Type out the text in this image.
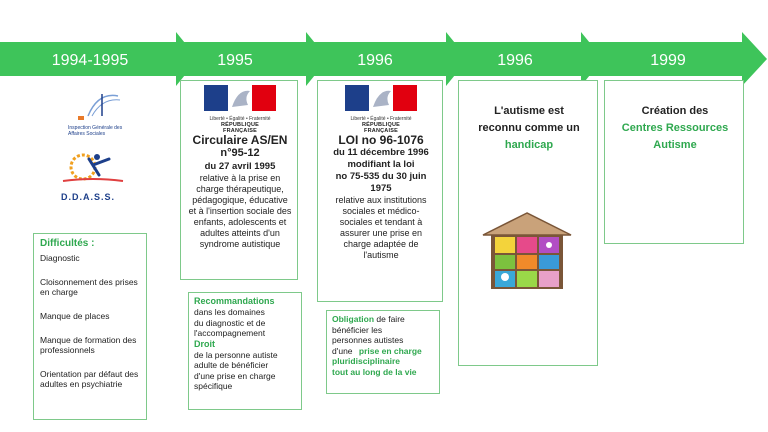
1994-1995	1995	1996	1996	1999
Inspection Générale des Affaires Sociales
D.D.A.S.S.
Difficultés :
Diagnostic
Cloisonnement des prises en charge
Manque de places
Manque de formation des professionnels
Orientation par défaut des adultes en psychiatrie
Liberté • Égalité • Fraternité
RÉPUBLIQUE FRANÇAISE
Circulaire AS/EN
n°95-12
du 27 avril 1995
relative à la prise en
charge thérapeutique,
pédagogique, éducative
et à l'insertion sociale des
enfants, adolescents et
adultes atteints d'un
syndrome autistique
Recommandations
dans les domaines
du diagnostic et de
l'accompagnement
Droit
de la personne autiste
adulte de bénéficier
d'une prise en charge
spécifique
Liberté • Égalité • Fraternité
RÉPUBLIQUE FRANÇAISE
LOI no 96-1076
du 11 décembre 1996
modifiant la loi
no 75-535 du 30 juin
1975
relative aux institutions
sociales et médico-
sociales et tendant à
assurer une prise en
charge adaptée de
l'autisme
Obligation de faire
bénéficier les
personnes autistes
d'une prise en charge
pluridisciplinaire
tout au long de la vie
L'autisme est
reconnu comme un
handicap
Création des
Centres Ressources
Autisme
